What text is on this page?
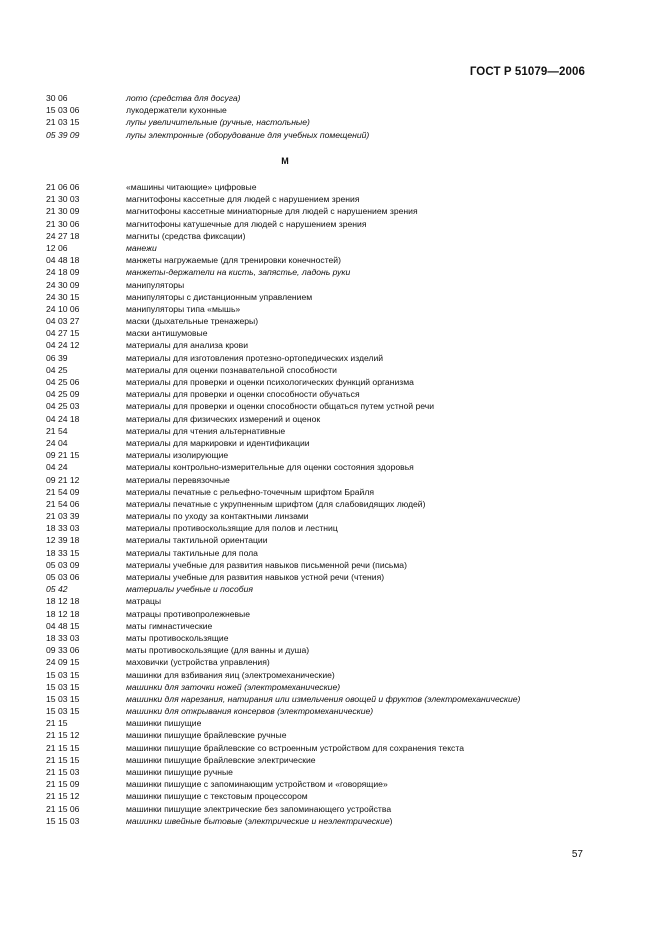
ГОСТ Р 51079—2006
30 06	лото (средства для досуга)
15 03 06	лукодержатели кухонные
21 03 15	лупы увеличительные (ручные, настольные)
05 39 09	лупы электронные (оборудование для учебных помещений)
М
21 06 06	«машины читающие» цифровые
21 30 03	магнитофоны кассетные для людей с нарушением зрения
21 30 09	магнитофоны кассетные миниатюрные для людей с нарушением зрения
21 30 06	магнитофоны катушечные для людей с нарушением зрения
24 27 18	магниты (средства фиксации)
12 06	манежи
04 48 18	манжеты нагружаемые (для тренировки конечностей)
24 18 09	манжеты-держатели на кисть, запястье, ладонь руки
24 30 09	манипуляторы
24 30 15	манипуляторы с дистанционным управлением
24 10 06	манипуляторы типа «мышь»
04 03 27	маски (дыхательные тренажеры)
04 27 15	маски антишумовые
04 24 12	материалы для анализа крови
06 39	материалы для изготовления протезно-ортопедических изделий
04 25	материалы для оценки познавательной способности
04 25 06	материалы для проверки и оценки психологических функций организма
04 25 09	материалы для проверки и оценки способности обучаться
04 25 03	материалы для проверки и оценки способности общаться путем устной речи
04 24 18	материалы для физических измерений и оценок
21 54	материалы для чтения альтернативные
24 04	материалы для маркировки и идентификации
09 21 15	материалы изолирующие
04 24	материалы контрольно-измерительные для оценки состояния здоровья
09 21 12	материалы перевязочные
21 54 09	материалы печатные с рельефно-точечным шрифтом Брайля
21 54 06	материалы печатные с укрупненным шрифтом (для слабовидящих людей)
21 03 39	материалы по уходу за контактными линзами
18 33 03	материалы противоскользящие для полов и лестниц
12 39 18	материалы тактильной ориентации
18 33 15	материалы тактильные для пола
05 03 09	материалы учебные для развития навыков письменной речи (письма)
05 03 06	материалы учебные для развития навыков устной речи (чтения)
05 42	материалы учебные и пособия
18 12 18	матрацы
18 12 18	матрацы противопролежневые
04 48 15	маты гимнастические
18 33 03	маты противоскользящие
09 33 06	маты противоскользящие (для ванны и душа)
24 09 15	маховички (устройства управления)
15 03 15	машинки для взбивания яиц (электромеханические)
15 03 15	машинки для заточки ножей (электромеханические)
15 03 15	машинки для нарезания, натирания или измельчения овощей и фруктов (электромеханические)
15 03 15	машинки для открывания консервов (электромеханические)
21 15	машинки пишущие
21 15 12	машинки пишущие брайлевские ручные
21 15 15	машинки пишущие брайлевские со встроенным устройством для сохранения текста
21 15 15	машинки пишущие брайлевские электрические
21 15 03	машинки пишущие ручные
21 15 09	машинки пишущие с запоминающим устройством и «говорящие»
21 15 12	машинки пишущие с текстовым процессором
21 15 06	машинки пишущие электрические без запоминающего устройства
15 15 03	машинки швейные бытовые (электрические и неэлектрические)
57
